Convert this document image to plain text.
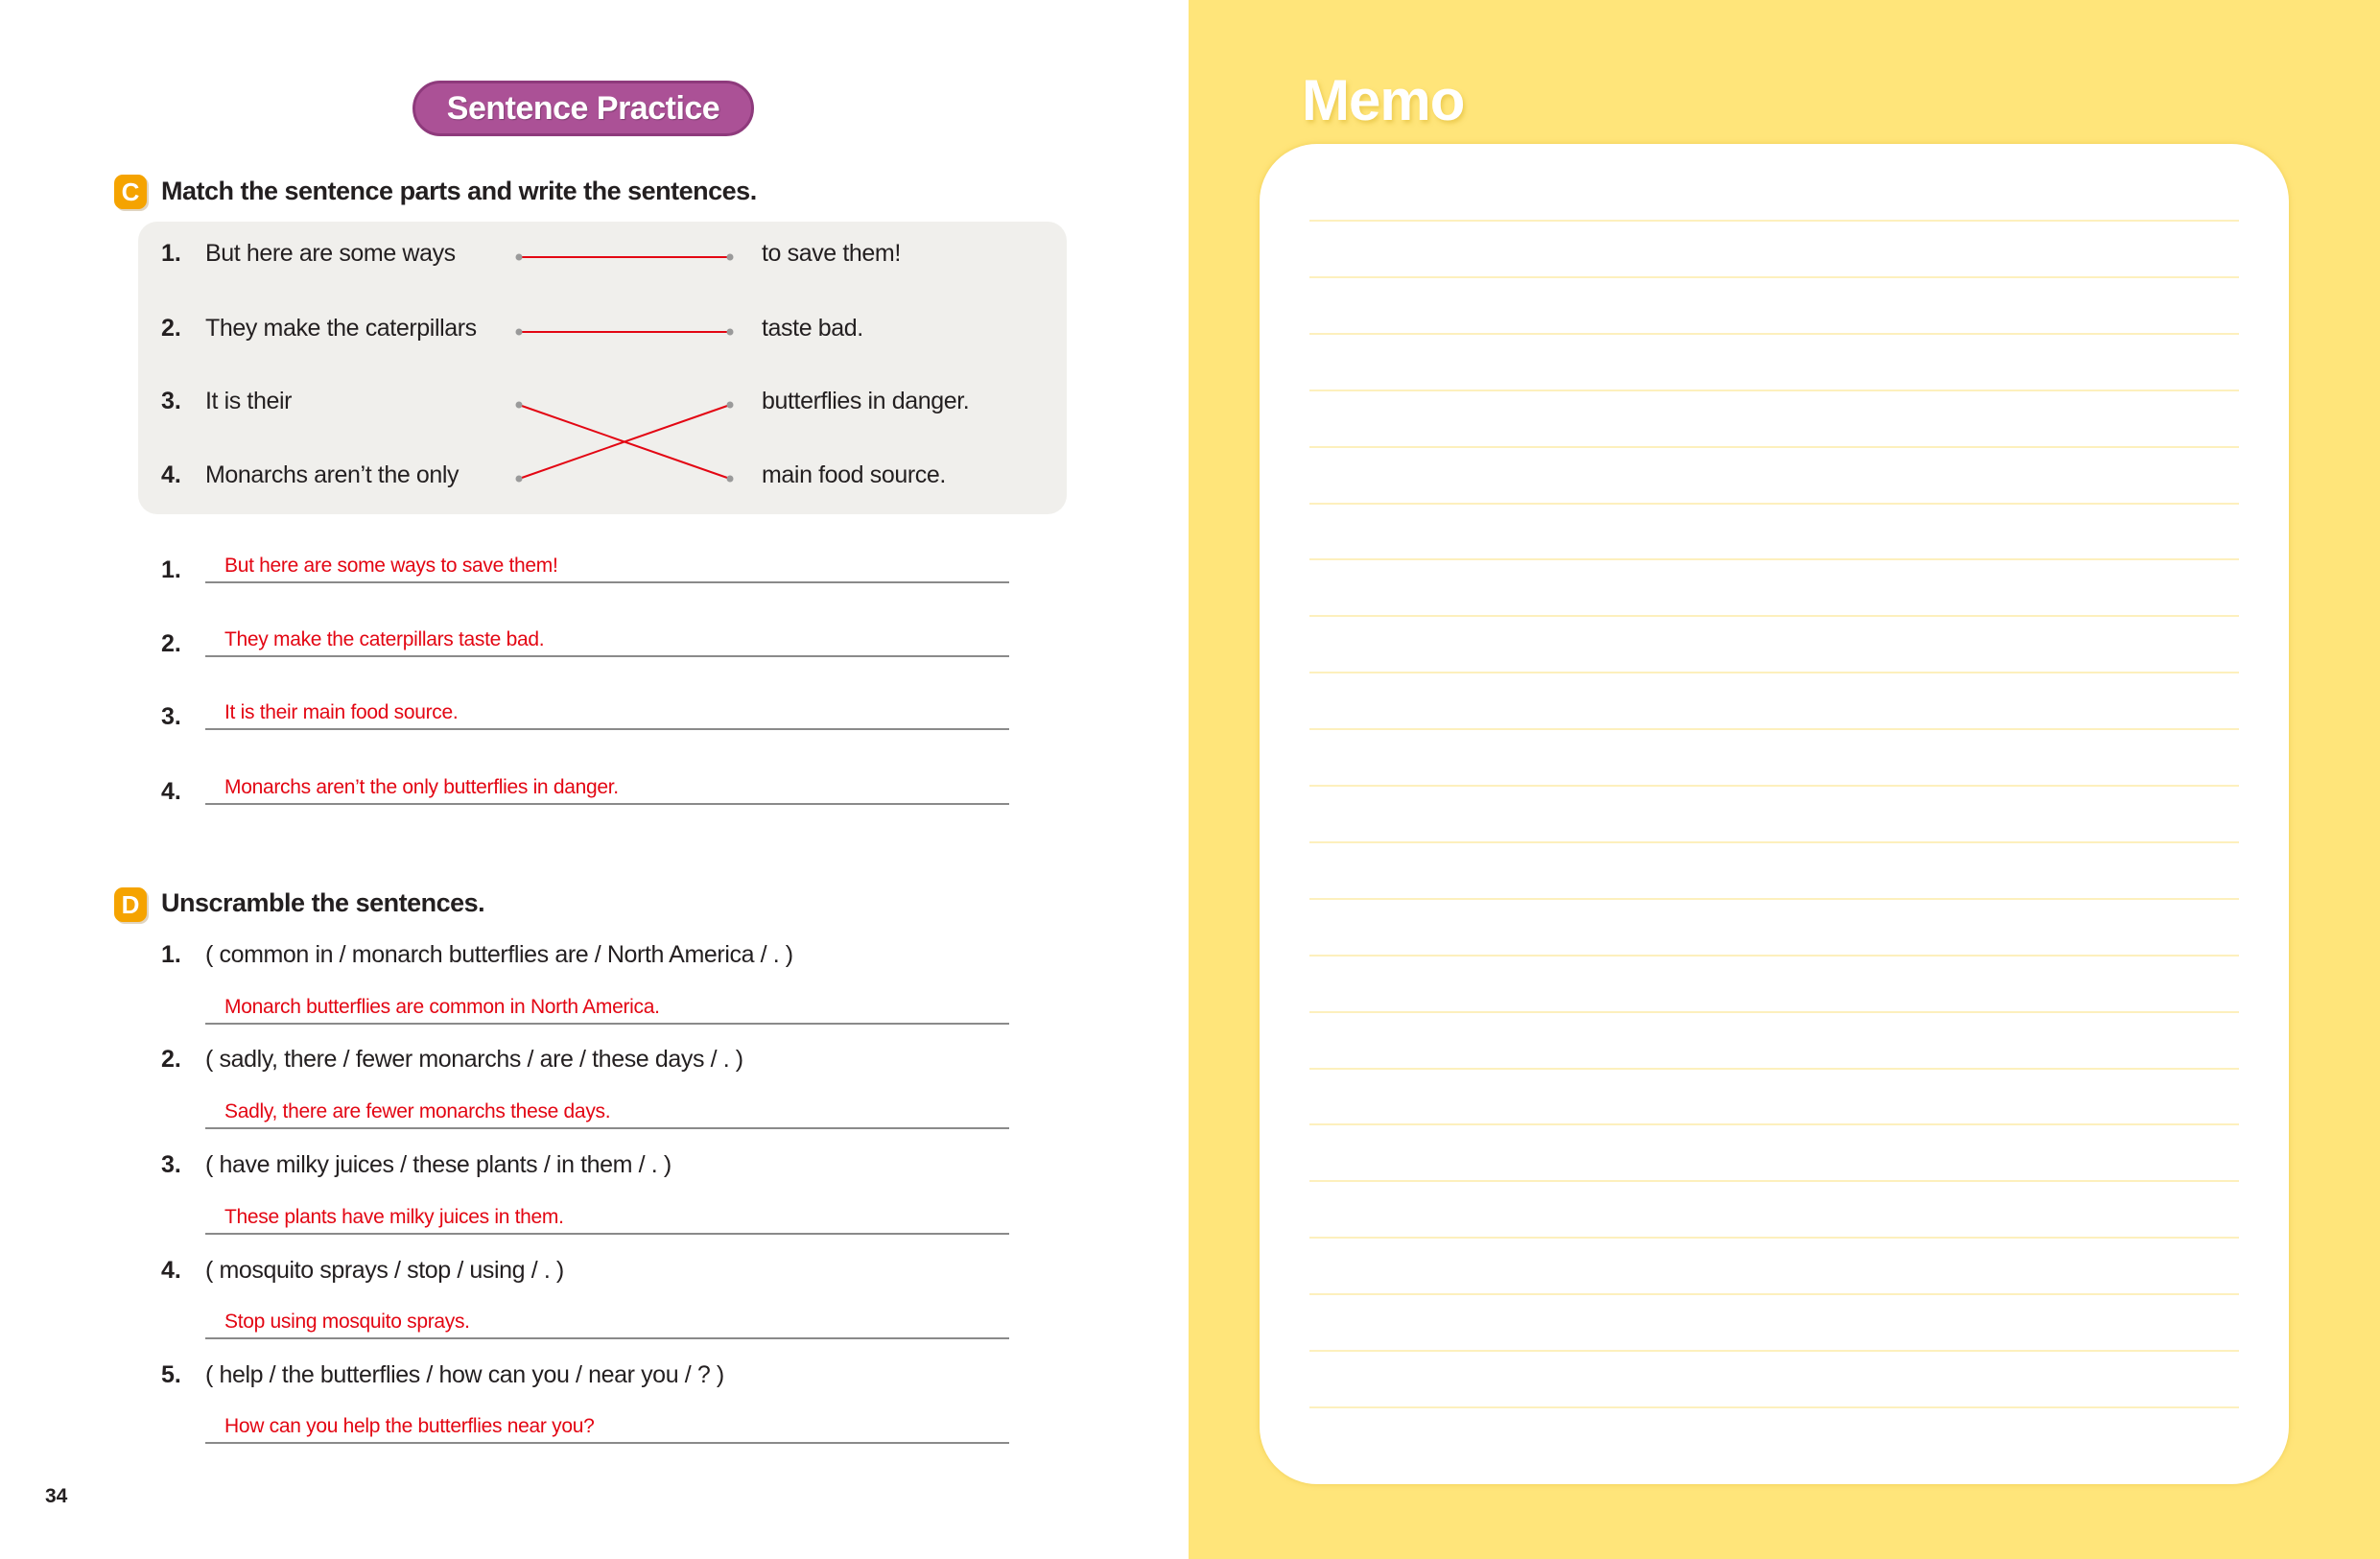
Sentence Practice
C Match the sentence parts and write the sentences.
D Unscramble the sentences.
34
Memo
1. But here are some ways
2. They make the caterpillars
3. It is their
4. Monarchs aren’t the only
to save them!
taste bad.
butterflies in danger.
main food source.
1. But here are some ways to save them!
2. They make the caterpillars taste bad.
3. It is their main food source.
4. Monarchs aren’t the only butterflies in danger.
1. ( common in / monarch butterflies are / North America / . )
Monarch butterflies are common in North America.
2. ( sadly, there / fewer monarchs / are / these days / . )
Sadly, there are fewer monarchs these days.
3. ( have milky juices / these plants / in them / . )
These plants have milky juices in them.
4. ( mosquito sprays / stop / using / . )
Stop using mosquito sprays.
5. ( help / the butterflies / how can you / near you / ? )
How can you help the butterflies near you?
